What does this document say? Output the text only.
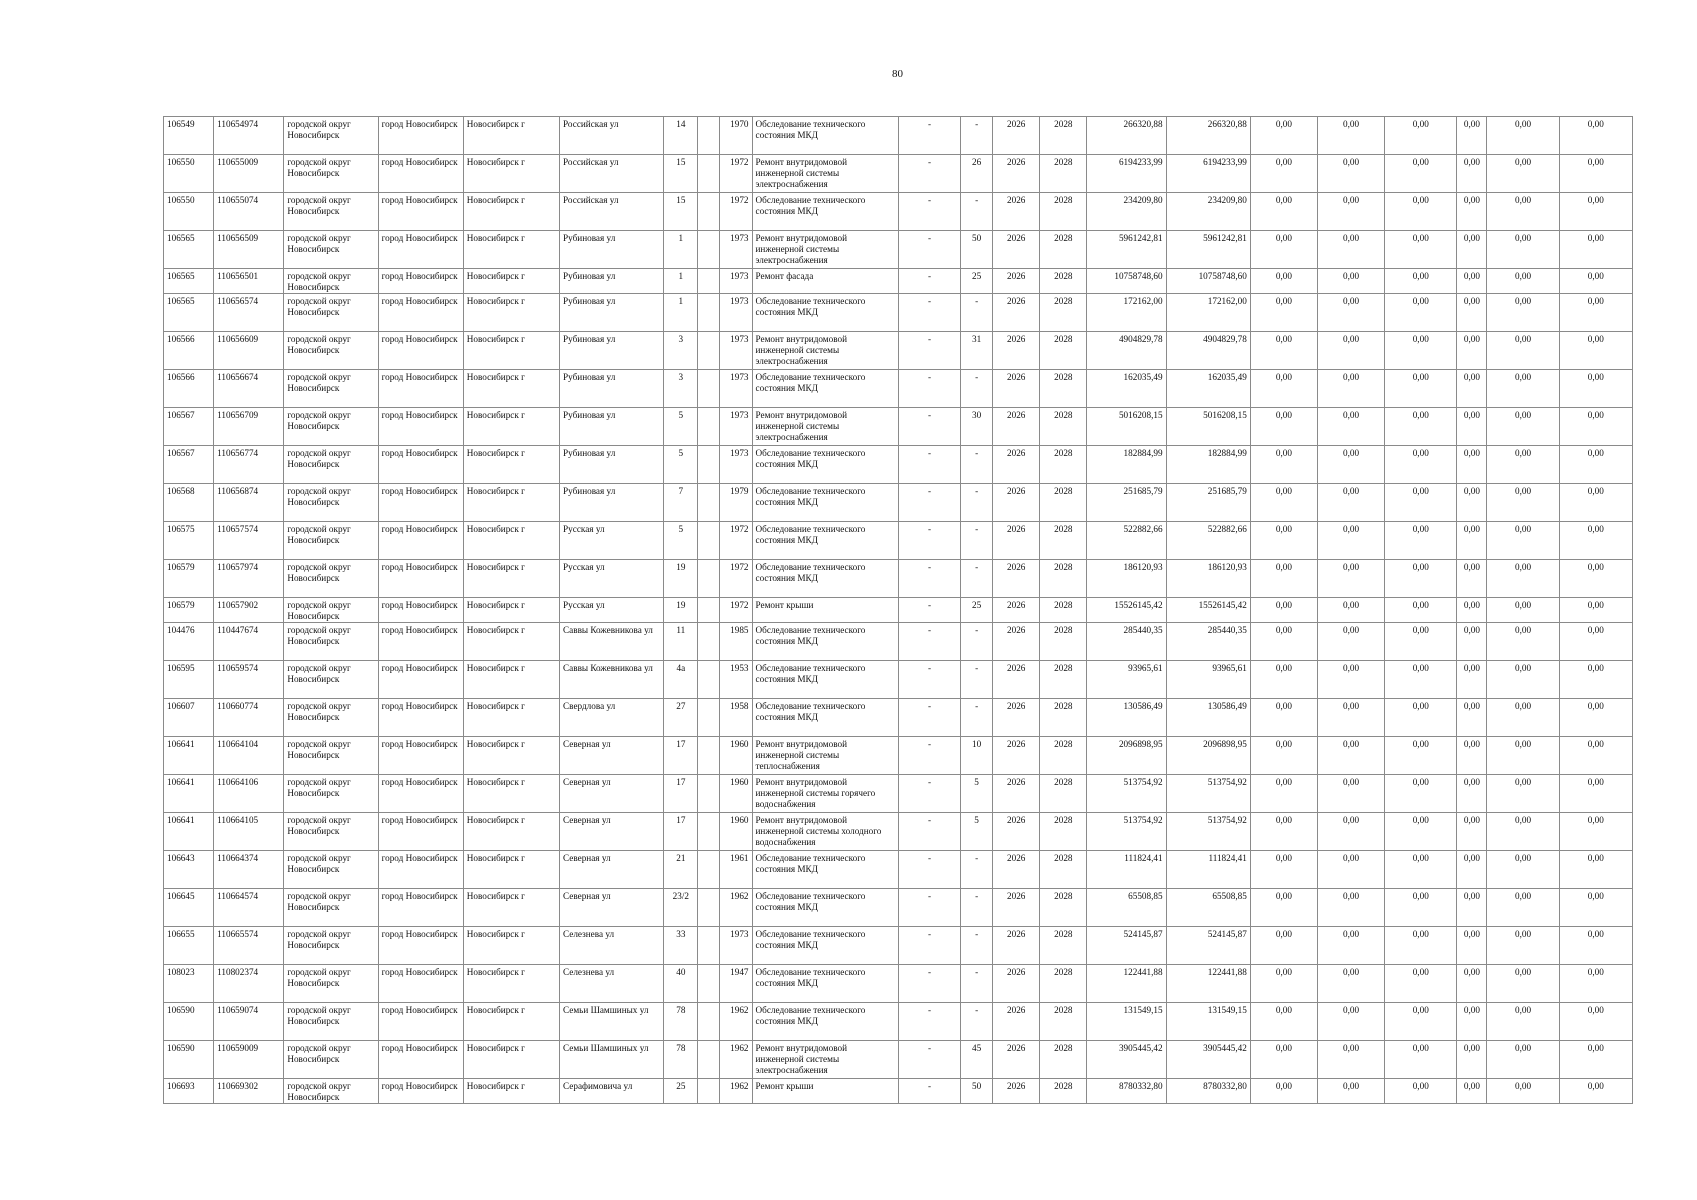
80
106549	110654974	городской округ Новосибирск	город Новосибирск	Новосибирск г	Российская ул	14		1970	Обследование технического состояния МКД	-	-	2026	2028	266320,88	266320,88	0,00	0,00	0,00	0,00	0,00	0,00
106550	110655009	городской округ Новосибирск	город Новосибирск	Новосибирск г	Российская ул	15		1972	Ремонт внутридомовой инженерной системы электроснабжения	-	26	2026	2028	6194233,99	6194233,99	0,00	0,00	0,00	0,00	0,00	0,00
106550	110655074	городской округ Новосибирск	город Новосибирск	Новосибирск г	Российская ул	15		1972	Обследование технического состояния МКД	-	-	2026	2028	234209,80	234209,80	0,00	0,00	0,00	0,00	0,00	0,00
106565	110656509	городской округ Новосибирск	город Новосибирск	Новосибирск г	Рубиновая ул	1		1973	Ремонт внутридомовой инженерной системы электроснабжения	-	50	2026	2028	5961242,81	5961242,81	0,00	0,00	0,00	0,00	0,00	0,00
106565	110656501	городской округ Новосибирск	город Новосибирск	Новосибирск г	Рубиновая ул	1		1973	Ремонт фасада	-	25	2026	2028	10758748,60	10758748,60	0,00	0,00	0,00	0,00	0,00	0,00
106565	110656574	городской округ Новосибирск	город Новосибирск	Новосибирск г	Рубиновая ул	1		1973	Обследование технического состояния МКД	-	-	2026	2028	172162,00	172162,00	0,00	0,00	0,00	0,00	0,00	0,00
106566	110656609	городской округ Новосибирск	город Новосибирск	Новосибирск г	Рубиновая ул	3		1973	Ремонт внутридомовой инженерной системы электроснабжения	-	31	2026	2028	4904829,78	4904829,78	0,00	0,00	0,00	0,00	0,00	0,00
106566	110656674	городской округ Новосибирск	город Новосибирск	Новосибирск г	Рубиновая ул	3		1973	Обследование технического состояния МКД	-	-	2026	2028	162035,49	162035,49	0,00	0,00	0,00	0,00	0,00	0,00
106567	110656709	городской округ Новосибирск	город Новосибирск	Новосибирск г	Рубиновая ул	5		1973	Ремонт внутридомовой инженерной системы электроснабжения	-	30	2026	2028	5016208,15	5016208,15	0,00	0,00	0,00	0,00	0,00	0,00
106567	110656774	городской округ Новосибирск	город Новосибирск	Новосибирск г	Рубиновая ул	5		1973	Обследование технического состояния МКД	-	-	2026	2028	182884,99	182884,99	0,00	0,00	0,00	0,00	0,00	0,00
106568	110656874	городской округ Новосибирск	город Новосибирск	Новосибирск г	Рубиновая ул	7		1979	Обследование технического состояния МКД	-	-	2026	2028	251685,79	251685,79	0,00	0,00	0,00	0,00	0,00	0,00
106575	110657574	городской округ Новосибирск	город Новосибирск	Новосибирск г	Русская ул	5		1972	Обследование технического состояния МКД	-	-	2026	2028	522882,66	522882,66	0,00	0,00	0,00	0,00	0,00	0,00
106579	110657974	городской округ Новосибирск	город Новосибирск	Новосибирск г	Русская ул	19		1972	Обследование технического состояния МКД	-	-	2026	2028	186120,93	186120,93	0,00	0,00	0,00	0,00	0,00	0,00
106579	110657902	городской округ Новосибирск	город Новосибирск	Новосибирск г	Русская ул	19		1972	Ремонт крыши	-	25	2026	2028	15526145,42	15526145,42	0,00	0,00	0,00	0,00	0,00	0,00
104476	110447674	городской округ Новосибирск	город Новосибирск	Новосибирск г	Саввы Кожевникова ул	11		1985	Обследование технического состояния МКД	-	-	2026	2028	285440,35	285440,35	0,00	0,00	0,00	0,00	0,00	0,00
106595	110659574	городской округ Новосибирск	город Новосибирск	Новосибирск г	Саввы Кожевникова ул	4а		1953	Обследование технического состояния МКД	-	-	2026	2028	93965,61	93965,61	0,00	0,00	0,00	0,00	0,00	0,00
106607	110660774	городской округ Новосибирск	город Новосибирск	Новосибирск г	Свердлова ул	27		1958	Обследование технического состояния МКД	-	-	2026	2028	130586,49	130586,49	0,00	0,00	0,00	0,00	0,00	0,00
106641	110664104	городской округ Новосибирск	город Новосибирск	Новосибирск г	Северная ул	17		1960	Ремонт внутридомовой инженерной системы теплоснабжения	-	10	2026	2028	2096898,95	2096898,95	0,00	0,00	0,00	0,00	0,00	0,00
106641	110664106	городской округ Новосибирск	город Новосибирск	Новосибирск г	Северная ул	17		1960	Ремонт внутридомовой инженерной системы горячего водоснабжения	-	5	2026	2028	513754,92	513754,92	0,00	0,00	0,00	0,00	0,00	0,00
106641	110664105	городской округ Новосибирск	город Новосибирск	Новосибирск г	Северная ул	17		1960	Ремонт внутридомовой инженерной системы холодного водоснабжения	-	5	2026	2028	513754,92	513754,92	0,00	0,00	0,00	0,00	0,00	0,00
106643	110664374	городской округ Новосибирск	город Новосибирск	Новосибирск г	Северная ул	21		1961	Обследование технического состояния МКД	-	-	2026	2028	111824,41	111824,41	0,00	0,00	0,00	0,00	0,00	0,00
106645	110664574	городской округ Новосибирск	город Новосибирск	Новосибирск г	Северная ул	23/2		1962	Обследование технического состояния МКД	-	-	2026	2028	65508,85	65508,85	0,00	0,00	0,00	0,00	0,00	0,00
106655	110665574	городской округ Новосибирск	город Новосибирск	Новосибирск г	Селезнева ул	33		1973	Обследование технического состояния МКД	-	-	2026	2028	524145,87	524145,87	0,00	0,00	0,00	0,00	0,00	0,00
108023	110802374	городской округ Новосибирск	город Новосибирск	Новосибирск г	Селезнева ул	40		1947	Обследование технического состояния МКД	-	-	2026	2028	122441,88	122441,88	0,00	0,00	0,00	0,00	0,00	0,00
106590	110659074	городской округ Новосибирск	город Новосибирск	Новосибирск г	Семьи Шамшиных ул	78		1962	Обследование технического состояния МКД	-	-	2026	2028	131549,15	131549,15	0,00	0,00	0,00	0,00	0,00	0,00
106590	110659009	городской округ Новосибирск	город Новосибирск	Новосибирск г	Семьи Шамшиных ул	78		1962	Ремонт внутридомовой инженерной системы электроснабжения	-	45	2026	2028	3905445,42	3905445,42	0,00	0,00	0,00	0,00	0,00	0,00
106693	110669302	городской округ Новосибирск	город Новосибирск	Новосибирск г	Серафимовича ул	25		1962	Ремонт крыши	-	50	2026	2028	8780332,80	8780332,80	0,00	0,00	0,00	0,00	0,00	0,00
